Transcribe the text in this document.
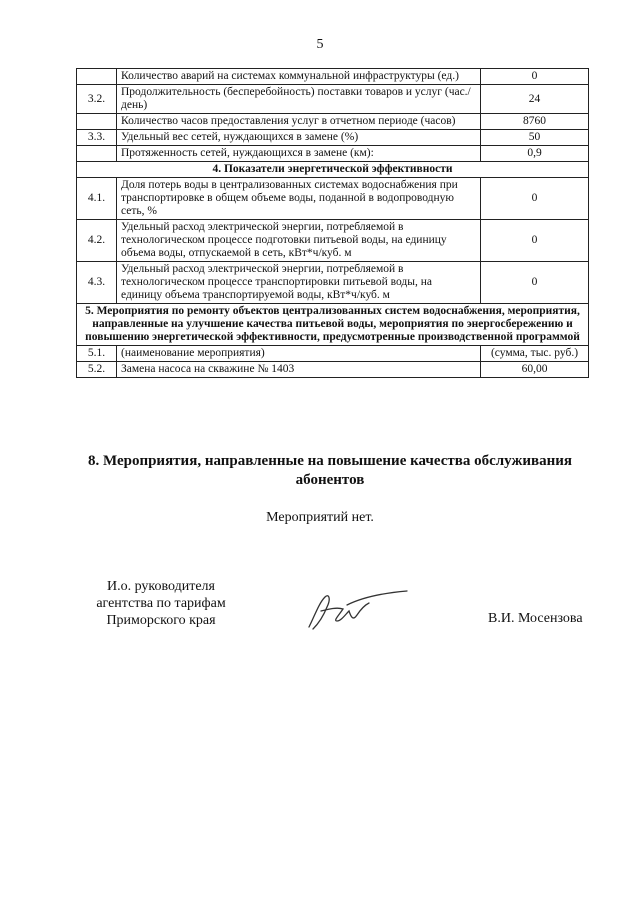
5
	Количество аварий на системах коммунальной инфраструктуры (ед.)	0
3.2.	Продолжительность (бесперебойность) поставки товаров и услуг (час./день)	24
	Количество часов предоставления услуг в отчетном периоде (часов)	8760
3.3.	Удельный вес сетей, нуждающихся в замене (%)	50
	Протяженность сетей, нуждающихся в замене (км):	0,9
4. Показатели энергетической эффективности		
4.1.	Доля потерь воды в централизованных системах водоснабжения при транспортировке в общем объеме воды, поданной в водопроводную сеть, %	0
4.2.	Удельный расход электрической энергии, потребляемой в технологическом процессе подготовки питьевой воды, на единицу объема воды, отпускаемой в сеть, кВт*ч/куб. м	0
4.3.	Удельный расход электрической энергии, потребляемой в технологическом процессе транспортировки питьевой воды, на единицу объема транспортируемой воды, кВт*ч/куб. м	0
5. Мероприятия по ремонту объектов централизованных систем водоснабжения, мероприятия, направленные на улучшение качества питьевой воды, мероприятия по энергосбережению и повышению энергетической эффективности, предусмотренные производственной программой		
5.1.	(наименование мероприятия)	(сумма, тыс. руб.)
5.2.	Замена насоса на скважине № 1403	60,00
8. Мероприятия, направленные на повышение качества обслуживания абонентов
Мероприятий нет.
И.о. руководителя
агентства по тарифам
Приморского края	В.И. Мосензова
